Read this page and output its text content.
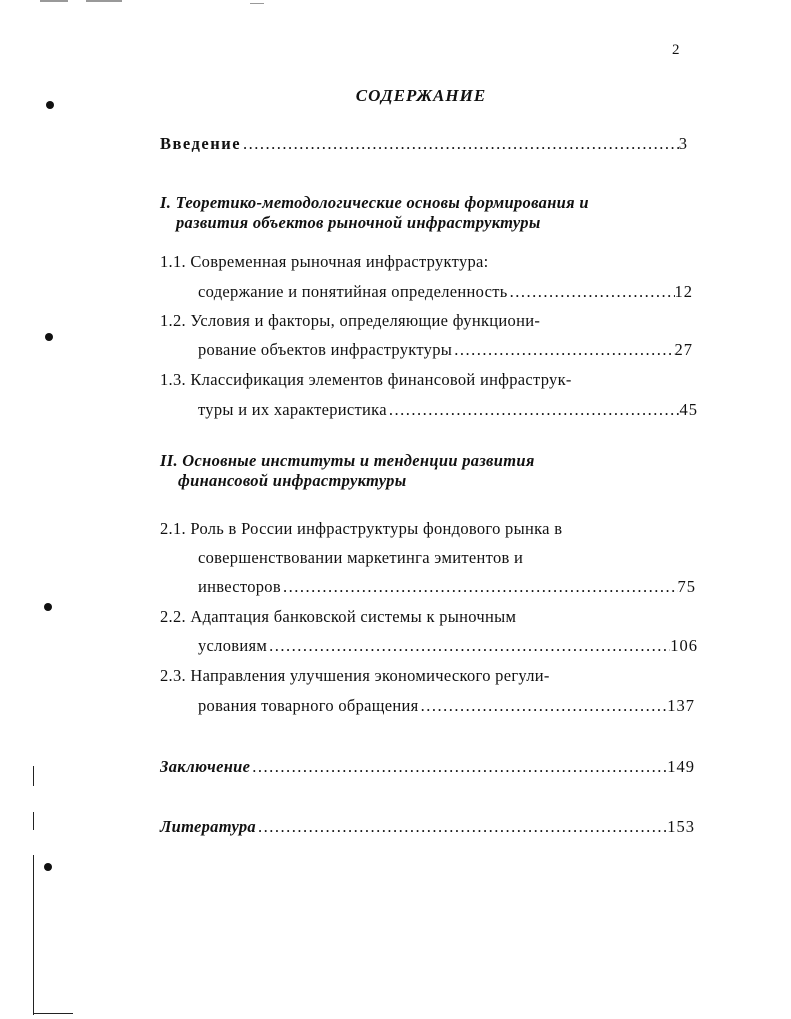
2
СОДЕРЖАНИЕ
Введение .....	3
I. Теоретико-методологические основы формирования и
развития объектов рыночной инфраструктуры
1.1. Современная рыночная инфраструктура:
содержание и понятийная определенность .....	12
1.2. Условия и факторы, определяющие функциони-
рование объектов инфраструктуры .....	27
1.3. Классификация элементов финансовой инфраструк-
туры и их характеристика .....	45
II. Основные институты и тенденции развития
финансовой инфраструктуры
2.1. Роль в России инфраструктуры фондового рынка в
совершенствовании маркетинга эмитентов и
инвесторов .....	75
2.2. Адаптация банковской системы к рыночным
условиям .....	106
2.3. Направления улучшения экономического регули-
рования товарного обращения .....	137
Заключение .....	149
Литература .....	153
